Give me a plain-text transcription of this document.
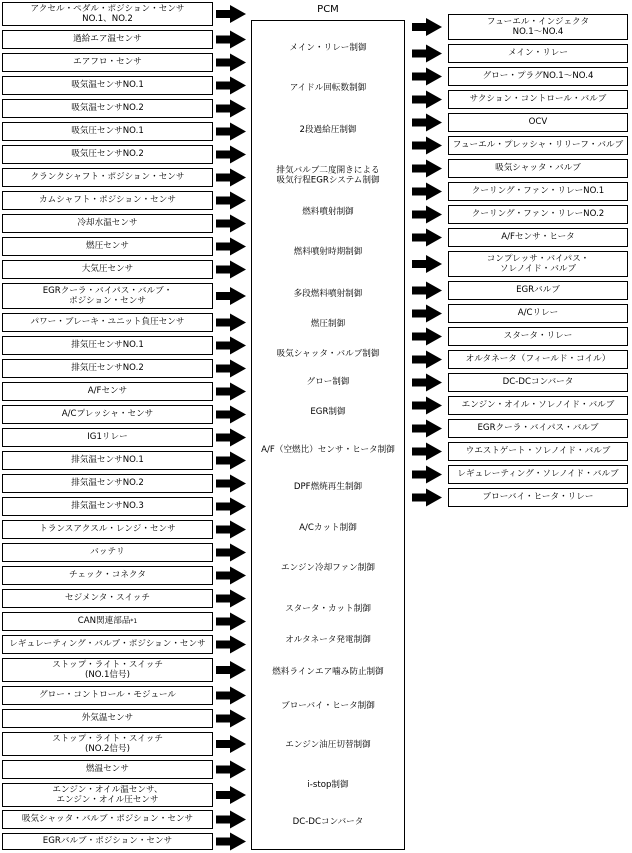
PCM
アクセル・ペダル・ポジション・センサ
NO.1、NO.2
過給エア温センサ
エアフロ・センサ
吸気温センサNO.1
吸気温センサNO.2
吸気圧センサNO.1
吸気圧センサNO.2
クランクシャフト・ポジション・センサ
カムシャフト・ポジション・センサ
冷却水温センサ
燃圧センサ
大気圧センサ
EGRクーラ・バイパス・バルブ・
ポジション・センサ
パワー・ブレーキ・ユニット負圧センサ
排気圧センサNO.1
排気圧センサNO.2
A/Fセンサ
A/Cプレッシャ・センサ
IG1リレー
排気温センサNO.1
排気温センサNO.2
排気温センサNO.3
トランスアクスル・レンジ・センサ
バッテリ
チェック・コネクタ
セジメンタ・スイッチ
CAN関連部品 *1
レギュレーティング・バルブ・ポジション・センサ
ストップ・ライト・スイッチ
(NO.1信号)
グロー・コントロール・モジュール
外気温センサ
ストップ・ライト・スイッチ
(NO.2信号)
燃温センサ
エンジン・オイル温センサ、
エンジン・オイル圧センサ
吸気シャッタ・バルブ・ポジション・センサ
EGRバルブ・ポジション・センサ
メイン・リレー制御
アイドル回転数制御
2段過給圧制御
排気バルブ二度開きによる
吸気行程EGRシステム制御
燃料噴射制御
燃料噴射時期制御
多段燃料噴射制御
燃圧制御
吸気シャッタ・バルブ制御
グロー制御
EGR制御
A/F（空燃比）センサ・ヒータ制御
DPF燃焼再生制御
A/Cカット制御
エンジン冷却ファン制御
スタータ・カット制御
オルタネータ発電制御
燃料ラインエア噛み防止制御
ブローバイ・ヒータ制御
エンジン油圧切替制御
i-stop制御
DC-DCコンバータ
フューエル・インジェクタ
NO.1～NO.4
メイン・リレー
グロー・プラグNO.1～NO.4
サクション・コントロール・バルブ
OCV
フューエル・プレッシャ・リリーフ・バルブ
吸気シャッタ・バルブ
クーリング・ファン・リレーNO.1
クーリング・ファン・リレーNO.2
A/Fセンサ・ヒータ
コンプレッサ・バイパス・
ソレノイド・バルブ
EGRバルブ
A/Cリレー
スタータ・リレー
オルタネータ（フィールド・コイル）
DC-DCコンバータ
エンジン・オイル・ソレノイド・バルブ
EGRクーラ・バイパス・バルブ
ウエストゲート・ソレノイド・バルブ
レギュレーティング・ソレノイド・バルブ
ブローバイ・ヒータ・リレー
